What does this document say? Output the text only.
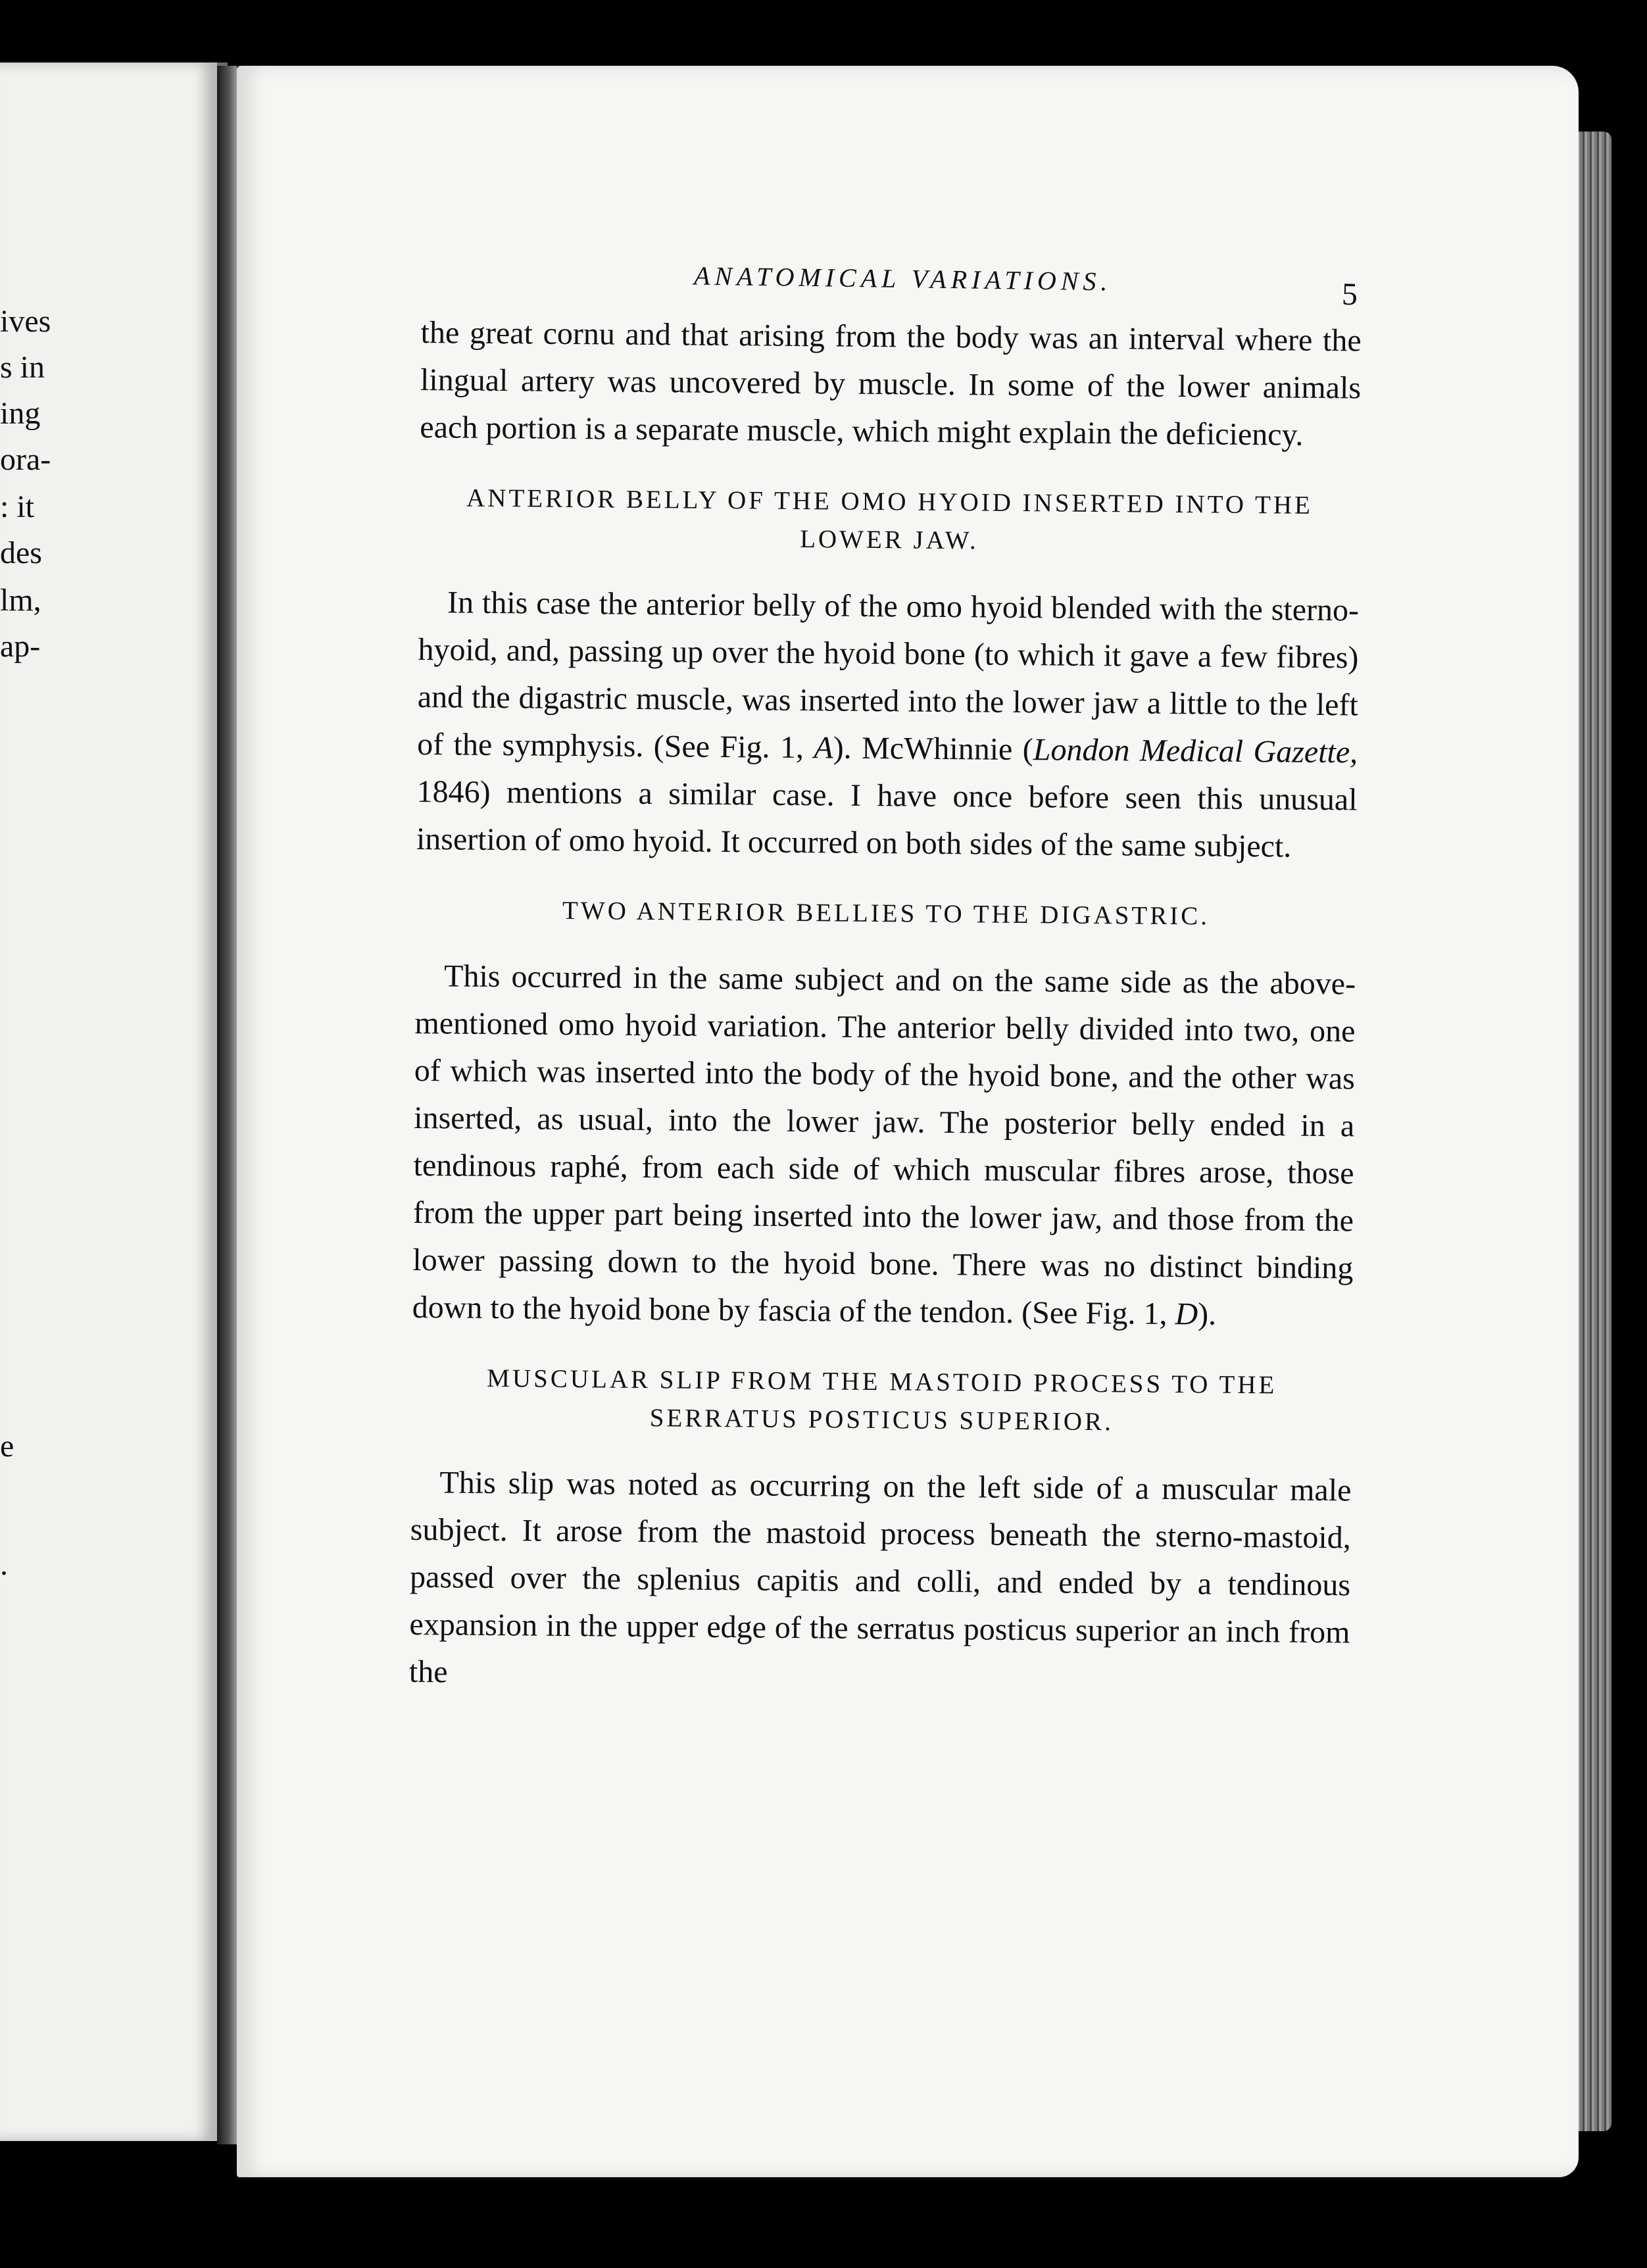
ives
s in
ing
ora-
: it
des
lm,
ap-
e
.
ANATOMICAL VARIATIONS.	5

the great cornu and that arising from the body was an interval where the lingual artery was uncovered by muscle. In some of the lower animals each portion is a separate muscle, which might explain the deficiency.

ANTERIOR BELLY OF THE OMO HYOID INSERTED INTO THE LOWER JAW.

In this case the anterior belly of the omo hyoid blended with the sterno-hyoid, and, passing up over the hyoid bone (to which it gave a few fibres) and the digastric muscle, was inserted into the lower jaw a little to the left of the symphysis. (See Fig. 1, A). McWhinnie (London Medical Gazette, 1846) mentions a similar case. I have once before seen this unusual insertion of omo hyoid. It occurred on both sides of the same subject.

TWO ANTERIOR BELLIES TO THE DIGASTRIC.

This occurred in the same subject and on the same side as the above-mentioned omo hyoid variation. The anterior belly divided into two, one of which was inserted into the body of the hyoid bone, and the other was inserted, as usual, into the lower jaw. The posterior belly ended in a tendinous raphé, from each side of which muscular fibres arose, those from the upper part being inserted into the lower jaw, and those from the lower passing down to the hyoid bone. There was no distinct binding down to the hyoid bone by fascia of the tendon. (See Fig. 1, D).

MUSCULAR SLIP FROM THE MASTOID PROCESS TO THE SERRATUS POSTICUS SUPERIOR.

This slip was noted as occurring on the left side of a muscular male subject. It arose from the mastoid process beneath the sterno-mastoid, passed over the splenius capitis and colli, and ended by a tendinous expansion in the upper edge of the serratus posticus superior an inch from the
